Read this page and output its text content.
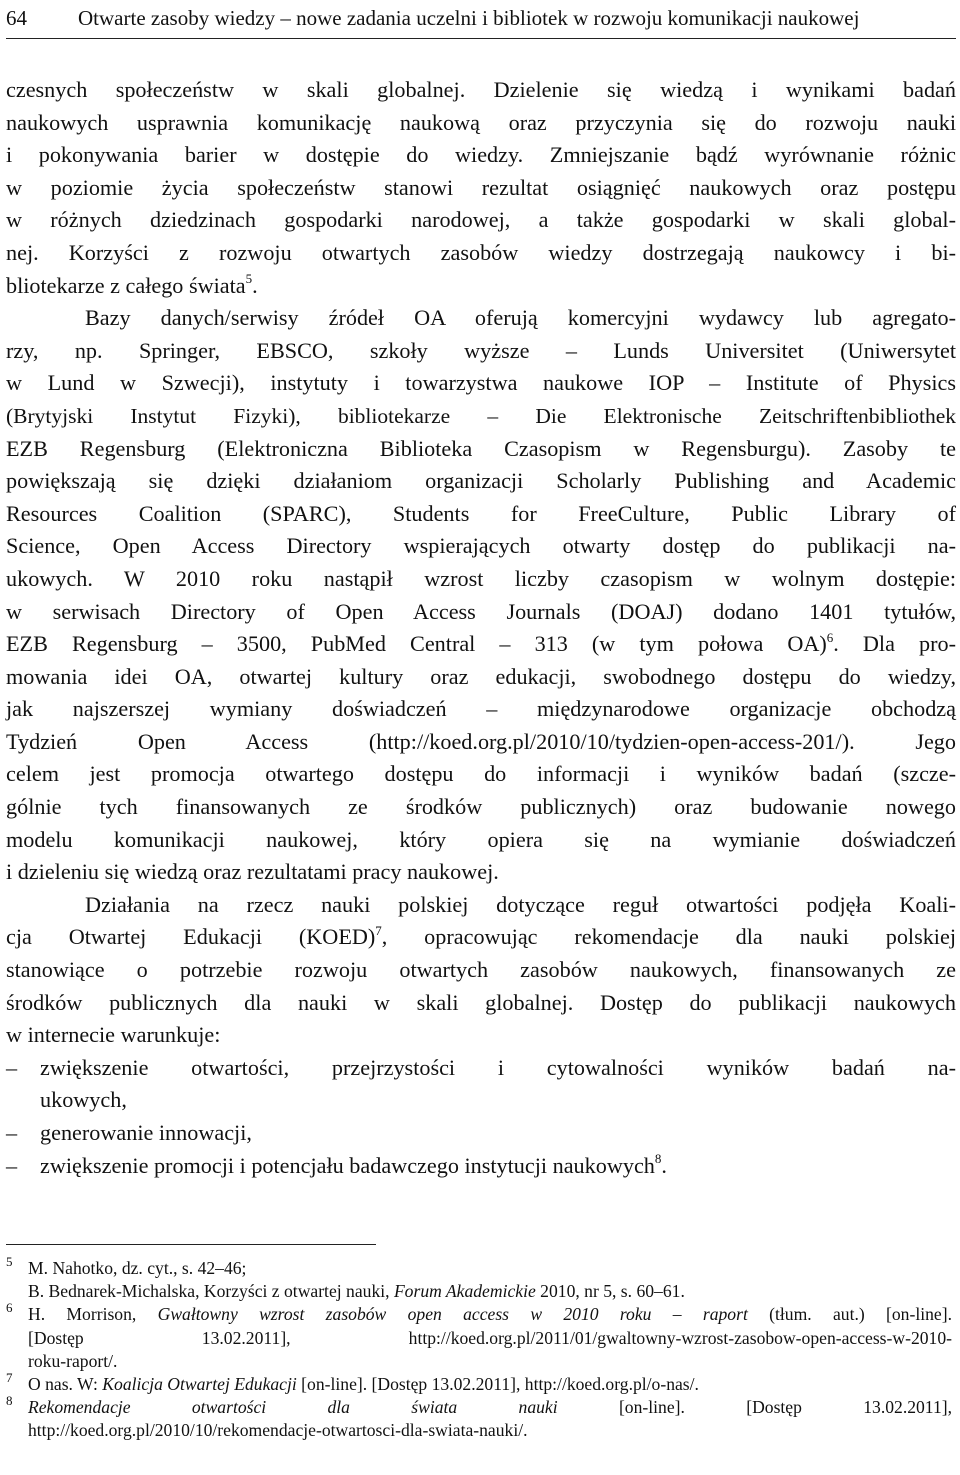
64 Otwarte zasoby wiedzy – nowe zadania uczelni i bibliotek w rozwoju komunikacji naukowej
czesnych społeczeństw w skali globalnej. Dzielenie się wiedzą i wynikami badań
naukowych usprawnia komunikację naukową oraz przyczynia się do rozwoju nauki
i pokonywania barier w dostępie do wiedzy. Zmniejszanie bądź wyrównanie różnic
w poziomie życia społeczeństw stanowi rezultat osiągnięć naukowych oraz postępu
w różnych dziedzinach gospodarki narodowej, a także gospodarki w skali global-
nej. Korzyści z rozwoju otwartych zasobów wiedzy dostrzegają naukowcy i bi-
bliotekarze z całego świata$^5$.
Bazy danych/serwisy źródeł OA oferują komercyjni wydawcy lub agregato-
rzy, np. Springer, EBSCO, szkoły wyższe – Lunds Universitet (Uniwersytet
w Lund w Szwecji), instytuty i towarzystwa naukowe IOP – Institute of Physics
(Brytyjski Instytut Fizyki), bibliotekarze – Die Elektronische Zeitschriftenbibliothek
EZB Regensburg (Elektroniczna Biblioteka Czasopism w Regensburgu). Zasoby te
powiększają się dzięki działaniom organizacji Scholarly Publishing and Academic
Resources Coalition (SPARC), Students for FreeCulture, Public Library of
Science, Open Access Directory wspierających otwarty dostęp do publikacji na-
ukowych. W 2010 roku nastąpił wzrost liczby czasopism w wolnym dostępie:
w serwisach Directory of Open Access Journals (DOAJ) dodano 1401 tytułów,
EZB Regensburg – 3500, PubMed Central – 313 (w tym połowa OA)$^6$. Dla pro-
mowania idei OA, otwartej kultury oraz edukacji, swobodnego dostępu do wiedzy,
jak najszerszej wymiany doświadczeń – międzynarodowe organizacje obchodzą
Tydzień Open Access (http://koed.org.pl/2010/10/tydzien-open-access-201/). Jego
celem jest promocja otwartego dostępu do informacji i wyników badań (szcze-
gólnie tych finansowanych ze środków publicznych) oraz budowanie nowego
modelu komunikacji naukowej, który opiera się na wymianie doświadczeń
i dzieleniu się wiedzą oraz rezultatami pracy naukowej.
Działania na rzecz nauki polskiej dotyczące reguł otwartości podjęła Koali-
cja Otwartej Edukacji (KOED)$^7$, opracowując rekomendacje dla nauki polskiej
stanowiące o potrzebie rozwoju otwartych zasobów naukowych, finansowanych ze
środków publicznych dla nauki w skali globalnej. Dostęp do publikacji naukowych
w internecie warunkuje:
– zwiększenie otwartości, przejrzystości i cytowalności wyników badań na-
ukowych,
– generowanie innowacji,
– zwiększenie promocji i potencjału badawczego instytucji naukowych$^8$.
5 M. Nahotko, dz. cyt., s. 42–46;
B. Bednarek-Michalska, Korzyści z otwartej nauki, Forum Akademickie 2010, nr 5, s. 60–61.
6 H. Morrison, Gwałtowny wzrost zasobów open access w 2010 roku – raport (tłum. aut.) [on-line].
[Dostęp 13.02.2011], http://koed.org.pl/2011/01/gwaltowny-wzrost-zasobow-open-access-w-2010-
roku-raport/.
7 O nas. W: Koalicja Otwartej Edukacji [on-line]. [Dostęp 13.02.2011], http://koed.org.pl/o-nas/.
8 Rekomendacje otwartości dla świata nauki [on-line]. [Dostęp 13.02.2011],
http://koed.org.pl/2010/10/rekomendacje-otwartosci-dla-swiata-nauki/.
